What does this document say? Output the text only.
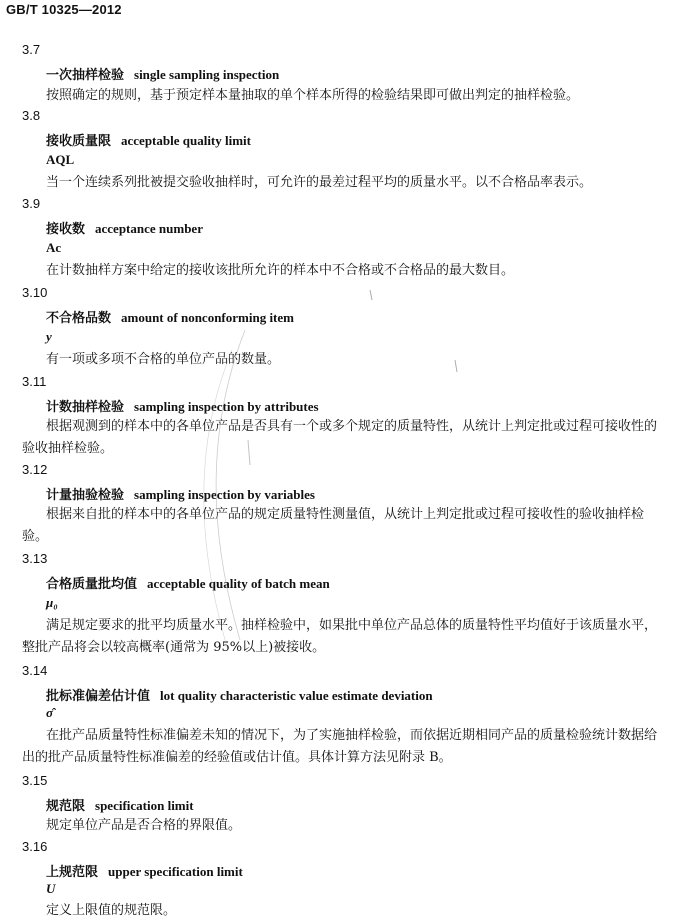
GB/T 10325—2012
3.7
一次抽样检验 single sampling inspection
按照确定的规则，基于预定样本量抽取的单个样本所得的检验结果即可做出判定的抽样检验。
3.8
接收质量限 acceptable quality limit
AQL
当一个连续系列批被提交验收抽样时，可允许的最差过程平均的质量水平。以不合格品率表示。
3.9
接收数 acceptance number
Ac
在计数抽样方案中给定的接收该批所允许的样本中不合格或不合格品的最大数目。
3.10
不合格品数 amount of nonconforming item
y
有一项或多项不合格的单位产品的数量。
3.11
计数抽样检验 sampling inspection by attributes
根据观测到的样本中的各单位产品是否具有一个或多个规定的质量特性，从统计上判定批或过程可接收性的验收抽样检验。
3.12
计量抽验检验 sampling inspection by variables
根据来自批的样本中的各单位产品的规定质量特性测量值，从统计上判定批或过程可接收性的验收抽样检验。
3.13
合格质量批均值 acceptable quality of batch mean
μ₀
满足规定要求的批平均质量水平。抽样检验中，如果批中单位产品总体的质量特性平均值好于该质量水平，整批产品将会以较高概率(通常为 95%以上)被接收。
3.14
批标准偏差估计值 lot quality characteristic value estimate deviation
σ̂
在批产品质量特性标准偏差未知的情况下，为了实施抽样检验，而依据近期相同产品的质量检验统计数据给出的批产品质量特性标准偏差的经验值或估计值。具体计算方法见附录 B。
3.15
规范限 specification limit
规定单位产品是否合格的界限值。
3.16
上规范限 upper specification limit
U
定义上限值的规范限。
